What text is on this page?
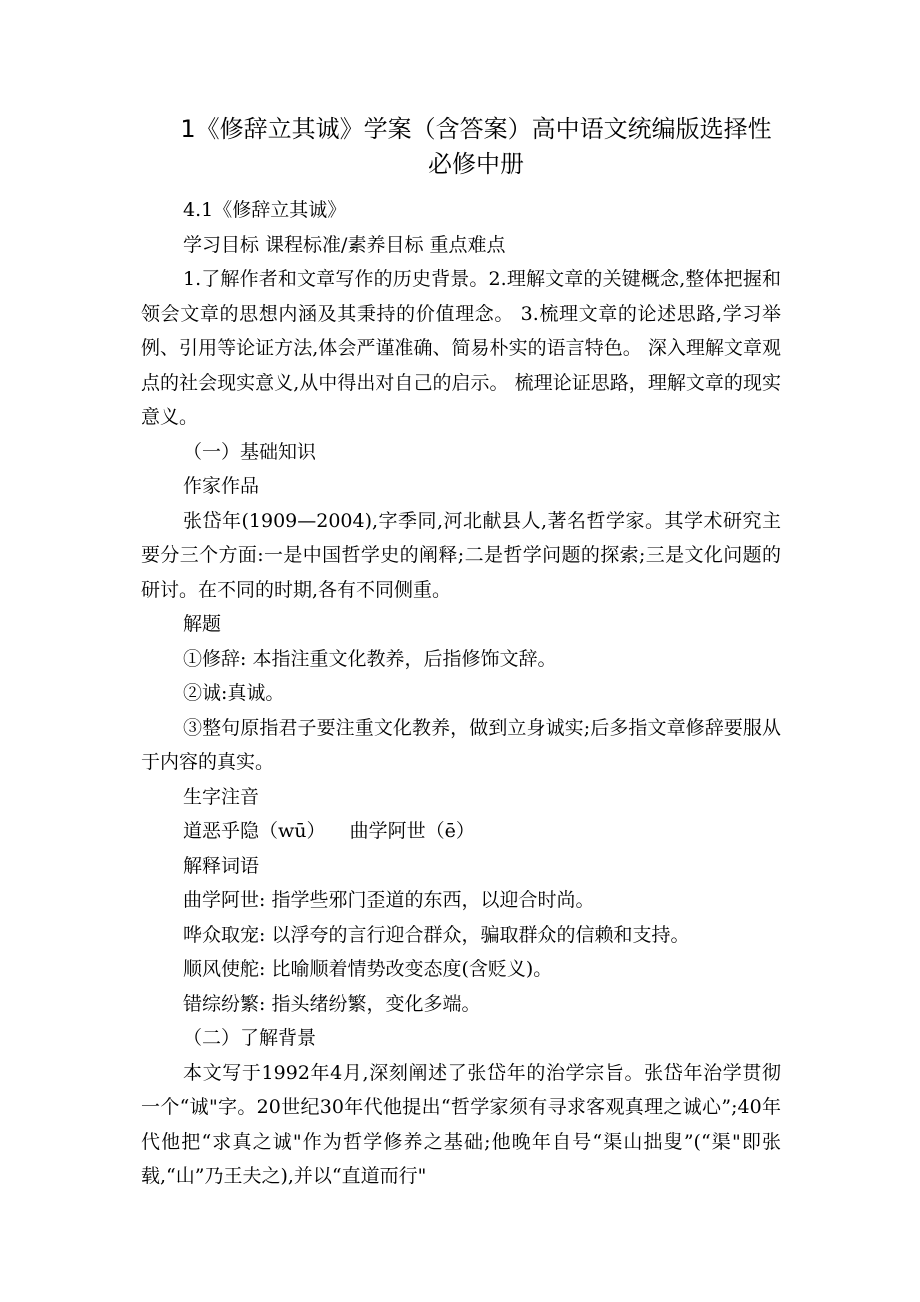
1《修辞立其诚》学案（含答案）高中语文统编版选择性必修中册

4.1《修辞立其诚》

学习目标 课程标准/素养目标 重点难点

1.了解作者和文章写作的历史背景。2.理解文章的关键概念,整体把握和领会文章的思想内涵及其秉持的价值理念。 3.梳理文章的论述思路,学习举例、引用等论证方法,体会严谨准确、简易朴实的语言特色。 深入理解文章观点的社会现实意义,从中得出对自己的启示。 梳理论证思路，理解文章的现实意义。

（一）基础知识

作家作品

张岱年(1909—2004),字季同,河北献县人,著名哲学家。其学术研究主要分三个方面:一是中国哲学史的阐释;二是哲学问题的探索;三是文化问题的研讨。在不同的时期,各有不同侧重。

解题

①修辞: 本指注重文化教养，后指修饰文辞。

②诚:真诚。

③整句原指君子要注重文化教养，做到立身诚实;后多指文章修辞要服从于内容的真实。

生字注音

道恶乎隐（wū）    曲学阿世（ē）

解释词语

曲学阿世: 指学些邪门歪道的东西，以迎合时尚。

哗众取宠: 以浮夸的言行迎合群众，骗取群众的信赖和支持。

顺风使舵: 比喻顺着情势改变态度(含贬义)。

错综纷繁: 指头绪纷繁，变化多端。

（二）了解背景

本文写于1992年4月,深刻阐述了张岱年的治学宗旨。张岱年治学贯彻一个“诚"字。20世纪30年代他提出“哲学家须有寻求客观真理之诚心”;40年代他把“求真之诚"作为哲学修养之基础;他晚年自号“渠山拙叟”(“渠"即张载,“山”乃王夫之),并以“直道而行"
